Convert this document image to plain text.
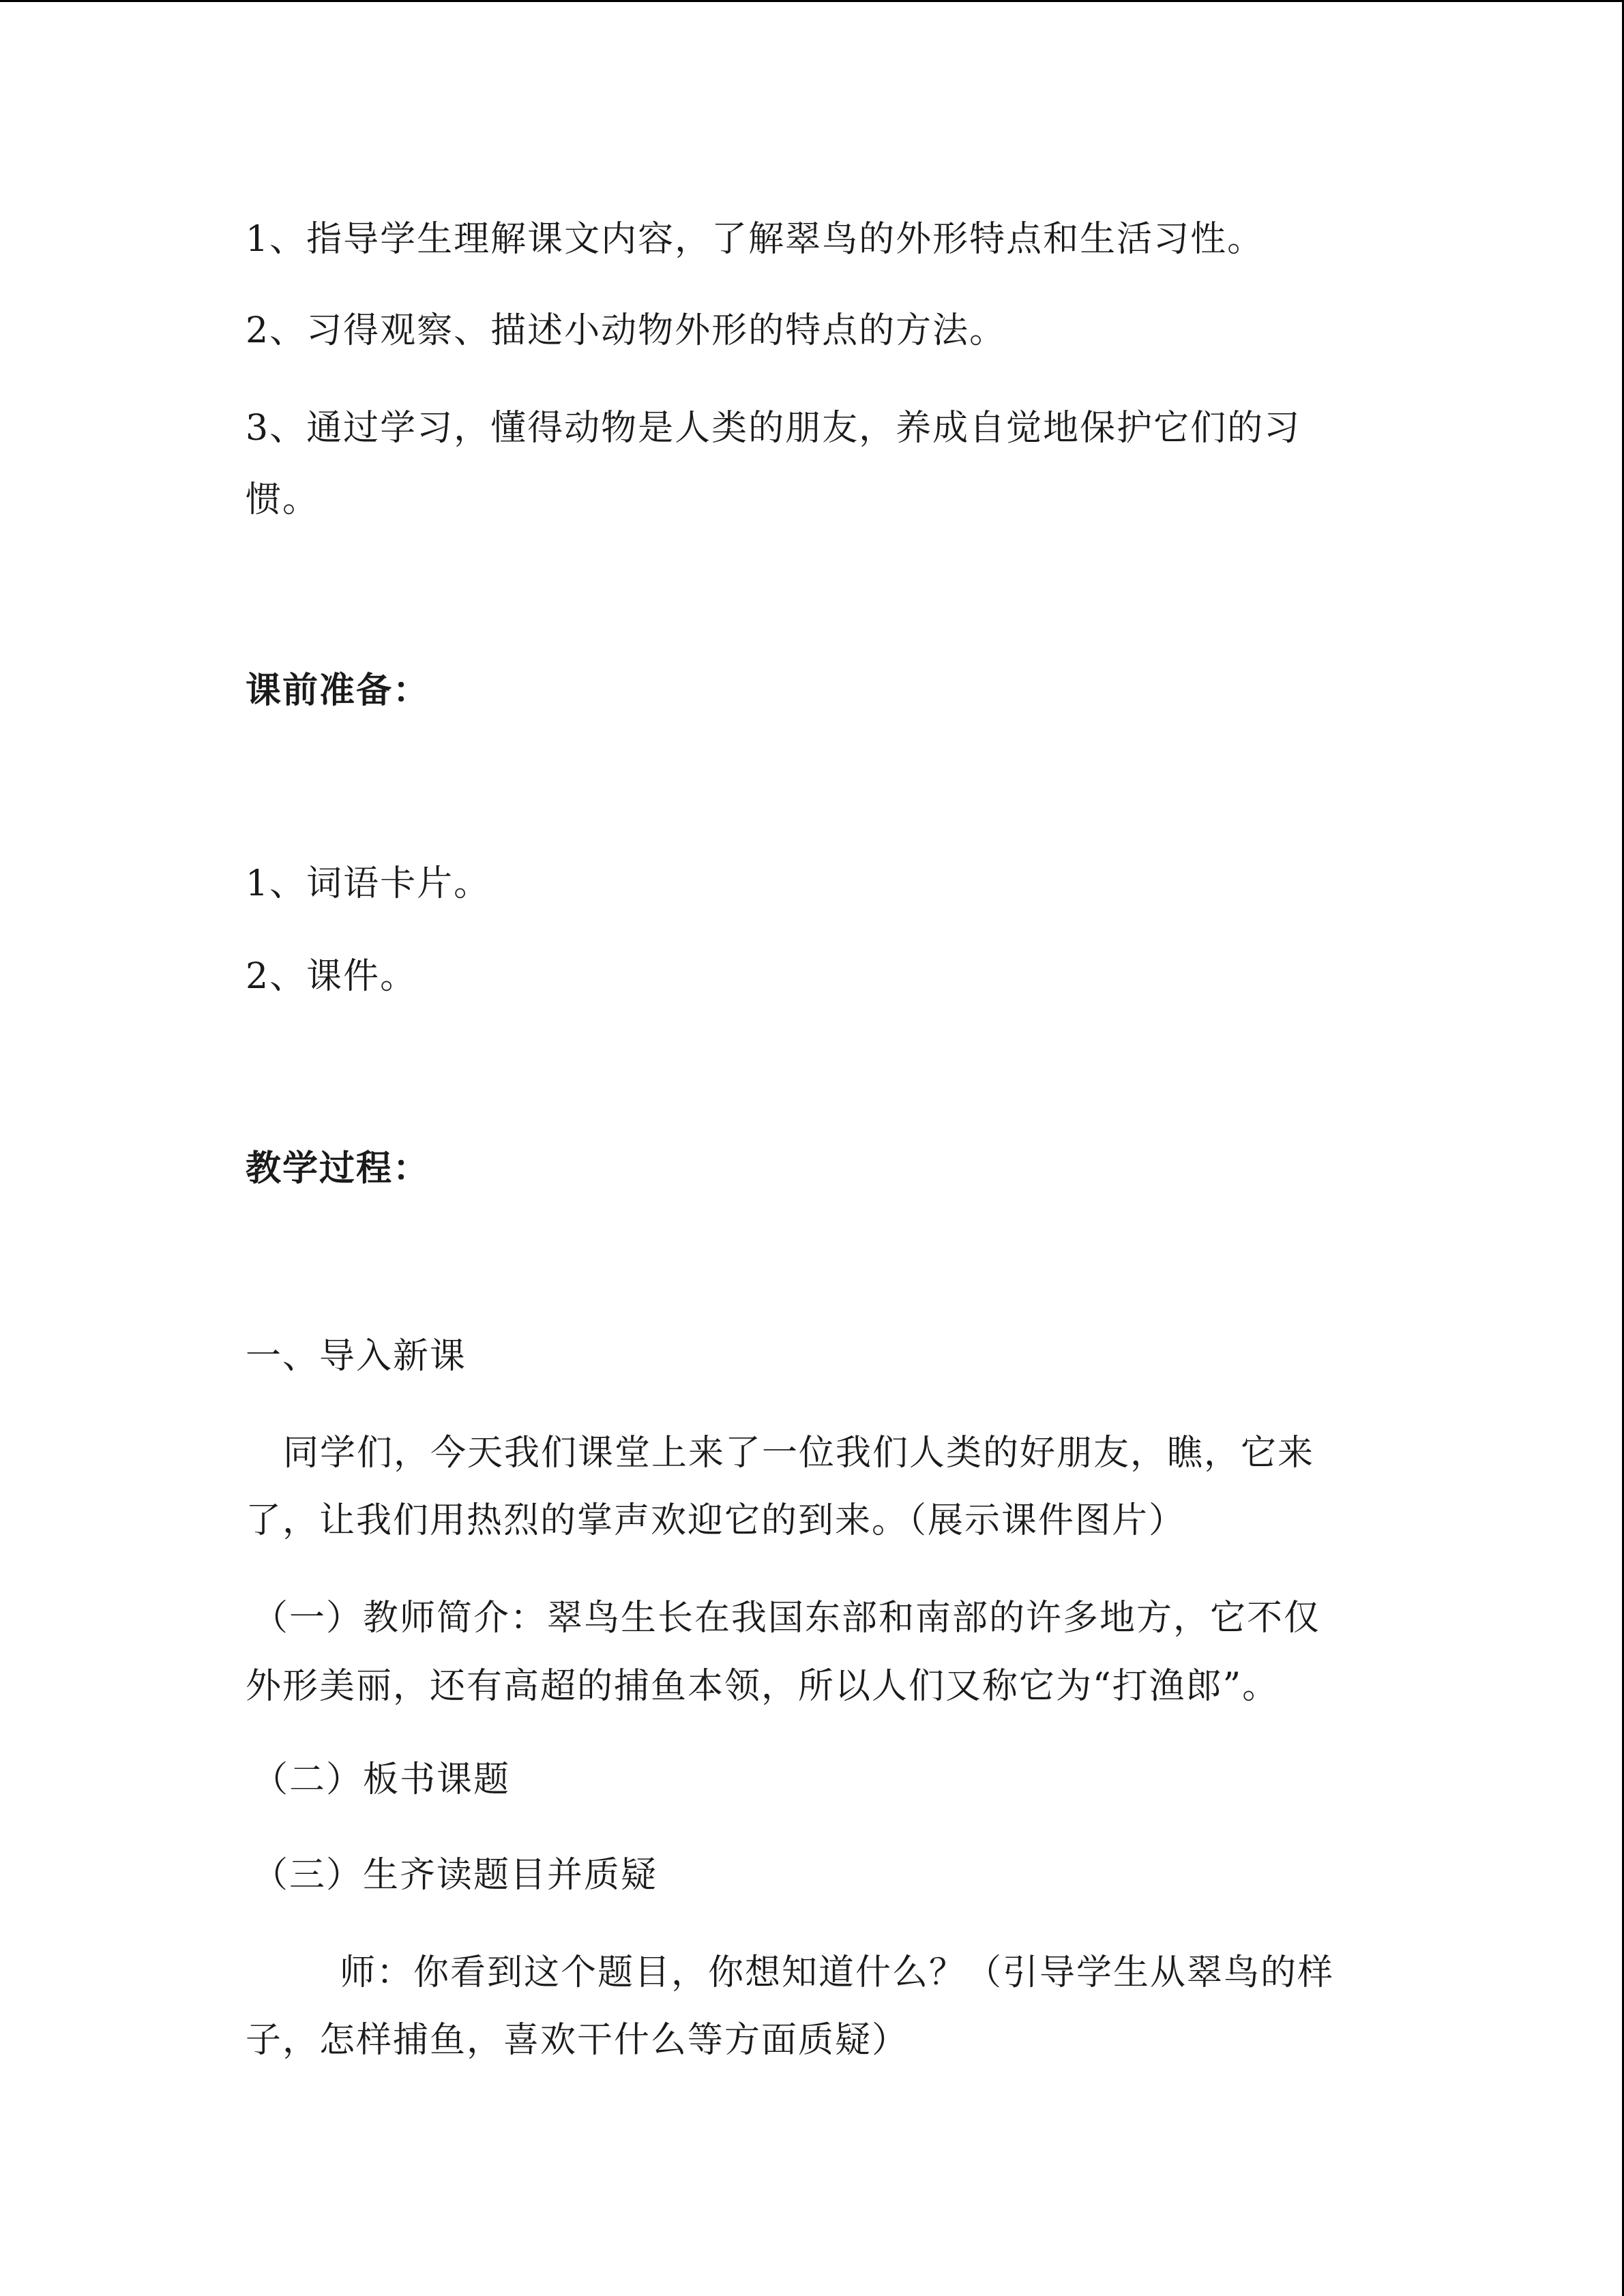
1、指导学生理解课文内容，了解翠鸟的外形特点和生活习性。
2、习得观察、描述小动物外形的特点的方法。
3、通过学习，懂得动物是人类的朋友，养成自觉地保护它们的习
惯。
课前准备：
1、词语卡片。
2、课件。
教学过程：
一、导入新课
同学们，今天我们课堂上来了一位我们人类的好朋友，瞧，它来
了，让我们用热烈的掌声欢迎它的到来。（展示课件图片）
（一）教师简介：翠鸟生长在我国东部和南部的许多地方，它不仅
外形美丽，还有高超的捕鱼本领，所以人们又称它为“打渔郎”。
（二）板书课题
（三）生齐读题目并质疑
师：你看到这个题目，你想知道什么？（引导学生从翠鸟的样
子，怎样捕鱼，喜欢干什么等方面质疑）
